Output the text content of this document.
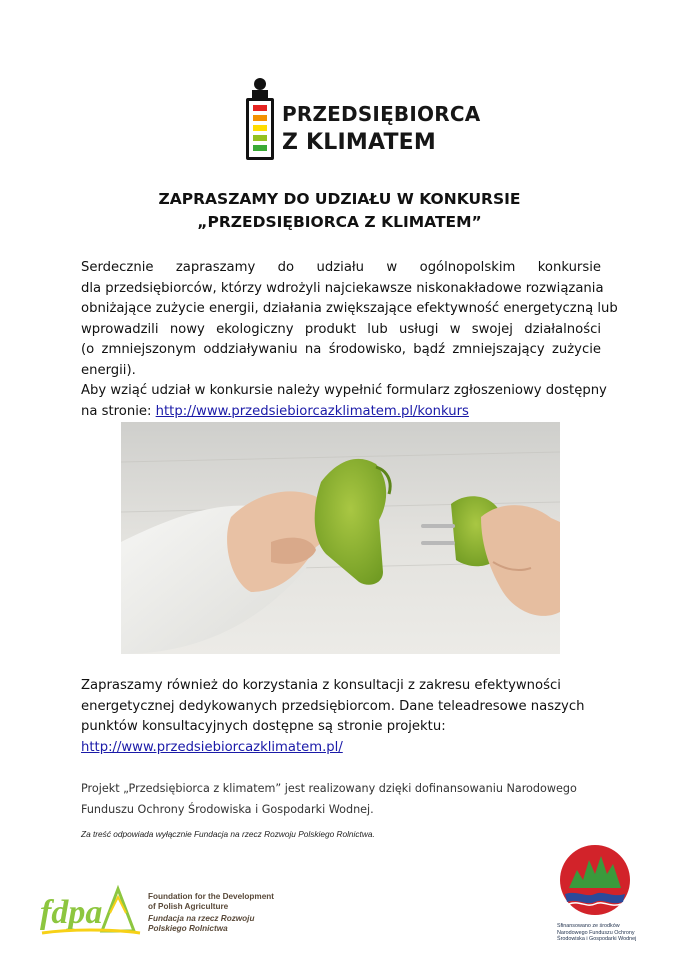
PRZEDSIĘBIORCA
Z KLIMATEM
ZAPRASZAMY DO UDZIAŁU W KONKURSIE
„PRZEDSIĘBIORCA Z KLIMATEM”
Serdecznie zapraszamy do udziału w ogólnopolskim konkursie
dla przedsiębiorców, którzy wdrożyli najciekawsze niskonakładowe rozwiązania
obniżające zużycie energii, działania zwiększające efektywność energetyczną lub
wprowadzili nowy ekologiczny produkt lub usługi w swojej działalności
(o zmniejszonym oddziaływaniu na środowisko, bądź zmniejszający zużycie
energii).
Aby wziąć udział w konkursie należy wypełnić formularz zgłoszeniowy dostępny
na stronie: http://www.przedsiebiorcazklimatem.pl/konkurs
Zapraszamy również do korzystania z konsultacji z zakresu efektywności
energetycznej dedykowanych przedsiębiorcom. Dane teleadresowe naszych
punktów konsultacyjnych dostępne są stronie projektu:
http://www.przedsiebiorcazklimatem.pl/
Projekt „Przedsiębiorca z klimatem” jest realizowany dzięki dofinansowaniu Narodowego
Funduszu Ochrony Środowiska i Gospodarki Wodnej.
Za treść odpowiada wyłącznie Fundacja na rzecz Rozwoju Polskiego Rolnictwa.
fdpa	Foundation for the Development
of Polish Agriculture
Fundacja na rzecz Rozwoju
Polskiego Rolnictwa	Sfinansowano ze środków
Narodowego Funduszu Ochrony
Środowiska i Gospodarki Wodnej
